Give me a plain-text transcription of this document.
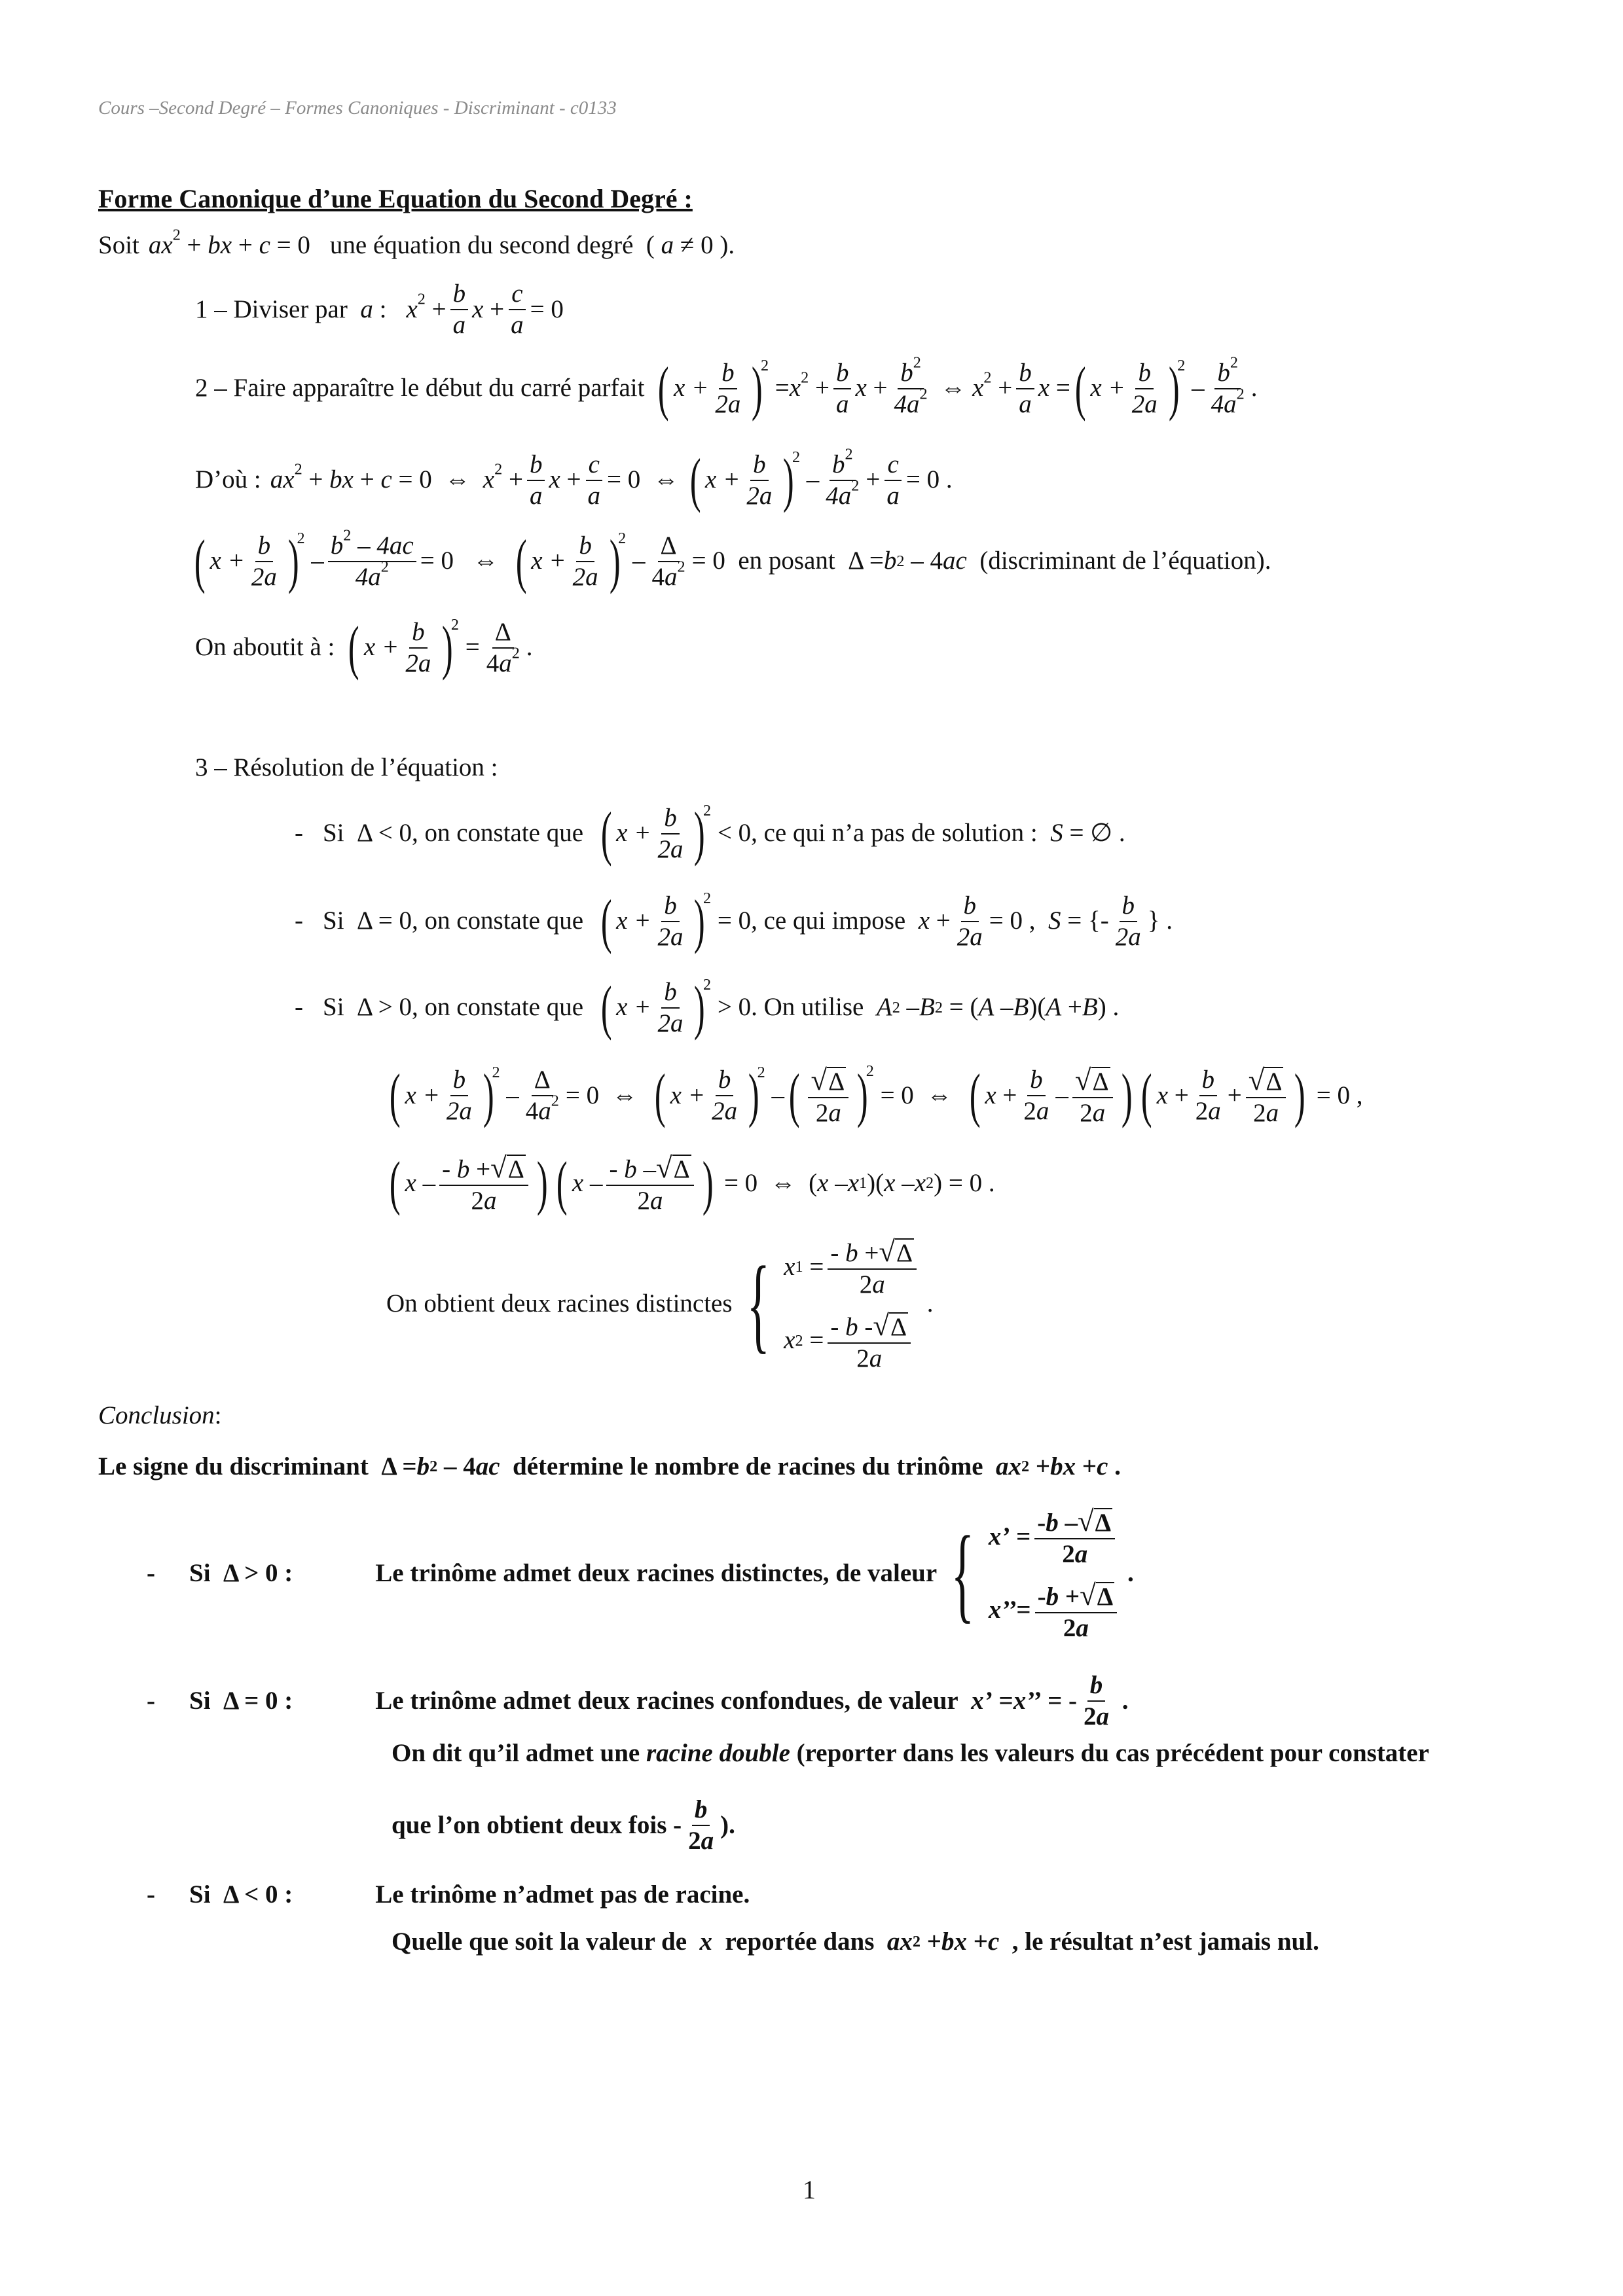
Cours –Second Degré – Formes Canoniques - Discriminant - c0133
Forme Canonique d’une Equation du Second Degré :
Soit $ax^2$ + bx + c = 0 une équation du second degré ( a ≠ 0 ).
1 – Diviser par
a : $x^2 + \frac{b}{a}$ $x + \frac{c}{a} = 0$
2 – Faire apparaître le début du carré parfait ( $x + \frac{b}{2a}$ )
2
= $x^2 + \frac{b}{a}$ $x + \frac{b^2}{4a^2}$ ⇔ $x^2 + \frac{b}{a}$ x = ( $x + \frac{b}{2a}$ )
2
– $\frac{b^2}{4a^2}$ .
D’où : $ax^2$ + bx + c = 0  ⇔ $x^2 + \frac{b}{a}$ $x + \frac{c}{a} = 0$  ⇔ ( $x + \frac{b}{2a}$ )
2
– $\frac{b^2}{4a^2} + \frac{c}{a} = 0$ .
( $x + \frac{b}{2a}$ )
2
– $\frac{b^2 - 4ac}{4a^2} = 0$   ⇔ ( $x + \frac{b}{2a}$ )
2
– $\frac{\Delta}{4a^2} = 0$ en posant Δ = b 2 – 4 ac
(discriminant de l’équation).
On aboutit à : ( $x + \frac{b}{2a}$ )
2
= $\frac{\Delta}{4a^2}$ .
3 – Résolution de l’équation :
- Si Δ < 0 , on constate que
( $x + \frac{b}{2a}$ )
2
< 0 , ce qui n’a pas de solution :
S = ∅ .
- Si Δ = 0 , on constate que
( $x + \frac{b}{2a}$ )
2
= 0 , ce qui impose
$x + \frac{b}{2a} = 0$ , S = {- $\frac{b}{2a}$ } .
- Si Δ > 0 , on constate que
( $x + \frac{b}{2a}$ )
2
> 0 . On utilise
A 2 – B 2 = ( A – B )( A + B ) .
( $x + \frac{b}{2a}$ )
2
– $\frac{\Delta}{4a^2} = 0$  ⇔ ( $x + \frac{b}{2a}$ )
2
– ( $\frac{√ \Delta}{2a}$ )
2
= 0  ⇔ ( $x + \frac{b}{2a} - \frac{√ \Delta}{2a}$ ) ( $x + \frac{b}{2a} + \frac{√ \Delta}{2a}$ ) = 0 ,
( x – $\frac{- b + √ \Delta}{2a}$ ) ( x – $\frac{- b - √ \Delta}{2a}$ ) = 0  ⇔  ( x – x 1 )( x – x 2 ) = 0 .
On obtient deux racines distinctes { x $1 = \frac{- b + √ \Delta}{2a}$
x $2 = \frac{- b - √ \Delta}{2a}$
.
Conclusion :
Le signe du discriminant Δ = b 2 – 4 ac
détermine le nombre de racines du trinôme
ax 2 + bx + c .
- Si Δ > 0 :	Le trinôme admet deux racines distinctes, de valeur { x’ = $\frac{-b - √ \Delta}{2a}$
x’’ = $\frac{-b + √ \Delta}{2a}$
.
- Si Δ = 0 :	Le trinôme admet deux racines confondues, de valeur
x’ = x’’ = - $\frac{b}{2a}$ .
On dit qu’il admet une
racine double
(reporter dans les valeurs du cas précédent pour constater
que l’on obtient deux fois - $\frac{b}{2a}$ ).
- Si Δ < 0 :	Le trinôme n’admet pas de racine.
Quelle que soit la valeur de
x
reportée dans
ax 2 + bx + c
, le résultat n’est jamais nul.
1
